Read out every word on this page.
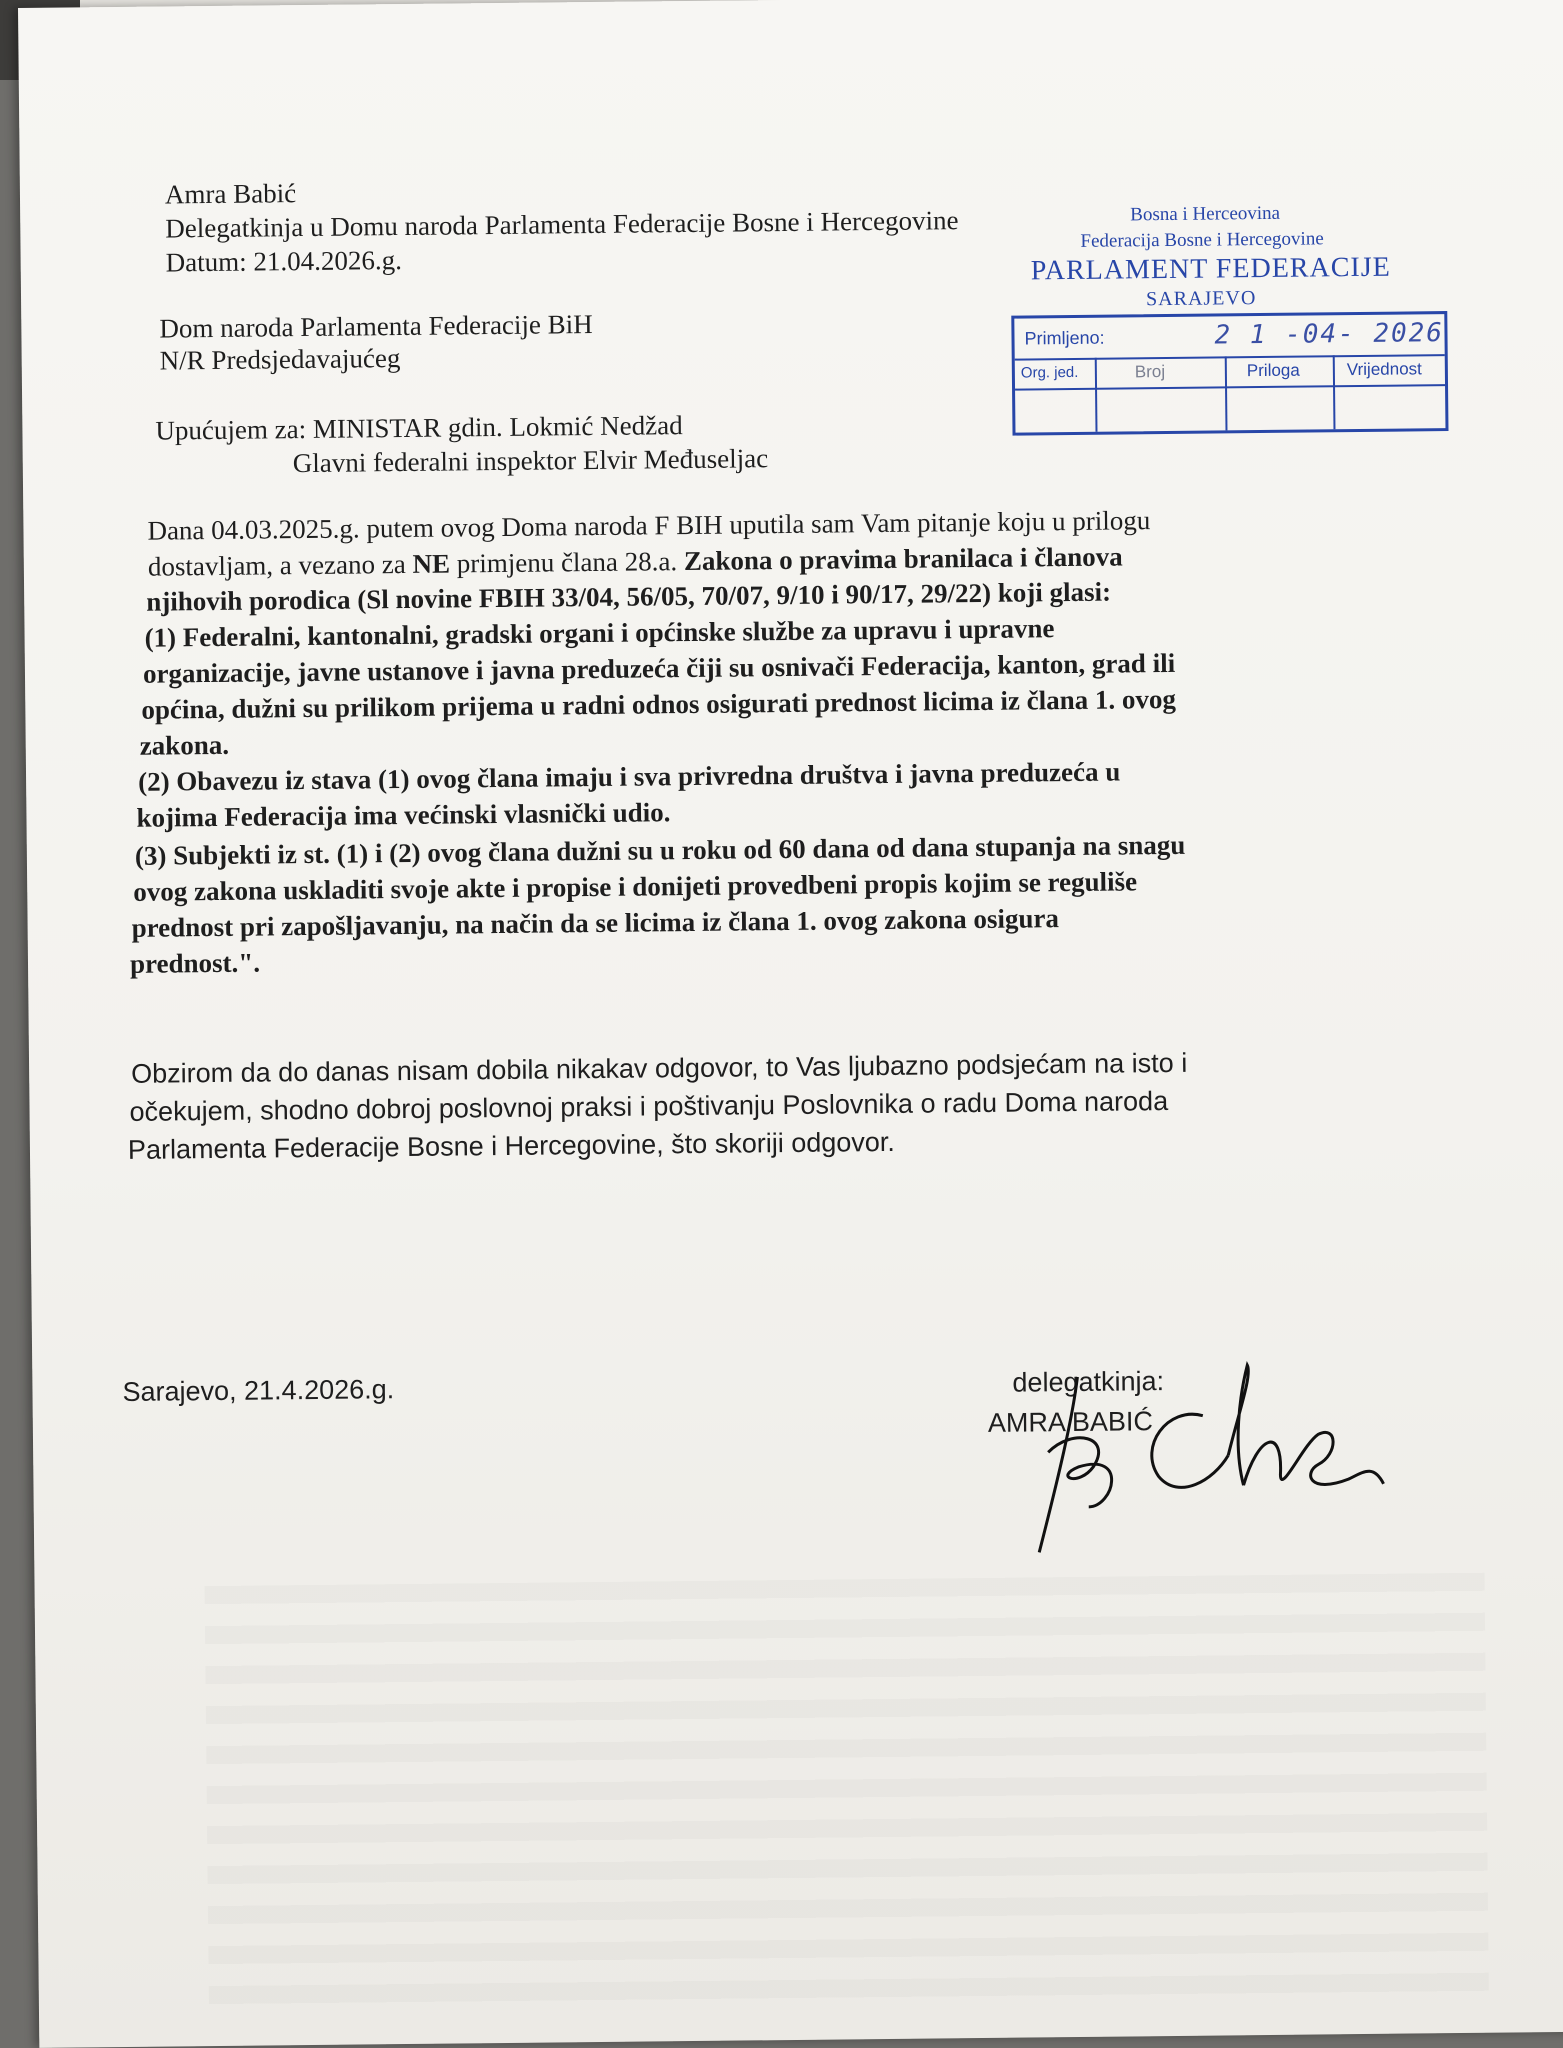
Amra Babić
Delegatkinja u Domu naroda Parlamenta Federacije Bosne i Hercegovine
Datum: 21.04.2026.g.
Bosna i Herceovina
Federacija Bosne i Hercegovine
PARLAMENT FEDERACIJE
SARAJEVO
Primljeno:	2 1 -04- 2026
Org. jed.	Broj	Priloga	Vrijednost
Dom naroda Parlamenta Federacije BiH
N/R Predsjedavajućeg
Upućujem za: MINISTAR gdin. Lokmić Nedžad
Glavni federalni inspektor Elvir Međuseljac
Dana 04.03.2025.g. putem ovog Doma naroda F BIH uputila sam Vam pitanje koju u prilogu
dostavljam, a vezano za NE primjenu člana 28.a. Zakona o pravima branilaca i članova
njihovih porodica (Sl novine FBIH 33/04, 56/05, 70/07, 9/10 i 90/17, 29/22) koji glasi:
(1) Federalni, kantonalni, gradski organi i općinske službe za upravu i upravne
organizacije, javne ustanove i javna preduzeća čiji su osnivači Federacija, kanton, grad ili
općina, dužni su prilikom prijema u radni odnos osigurati prednost licima iz člana 1. ovog
zakona.
(2) Obavezu iz stava (1) ovog člana imaju i sva privredna društva i javna preduzeća u
kojima Federacija ima većinski vlasnički udio.
(3) Subjekti iz st. (1) i (2) ovog člana dužni su u roku od 60 dana od dana stupanja na snagu
ovog zakona uskladiti svoje akte i propise i donijeti provedbeni propis kojim se reguliše
prednost pri zapošljavanju, na način da se licima iz člana 1. ovog zakona osigura
prednost.".
Obzirom da do danas nisam dobila nikakav odgovor, to Vas ljubazno podsjećam na isto i
očekujem, shodno dobroj poslovnoj praksi i poštivanju Poslovnika o radu Doma naroda
Parlamenta Federacije Bosne i Hercegovine, što skoriji odgovor.
Sarajevo, 21.4.2026.g.	delegatkinja:
AMRA BABIĆ
